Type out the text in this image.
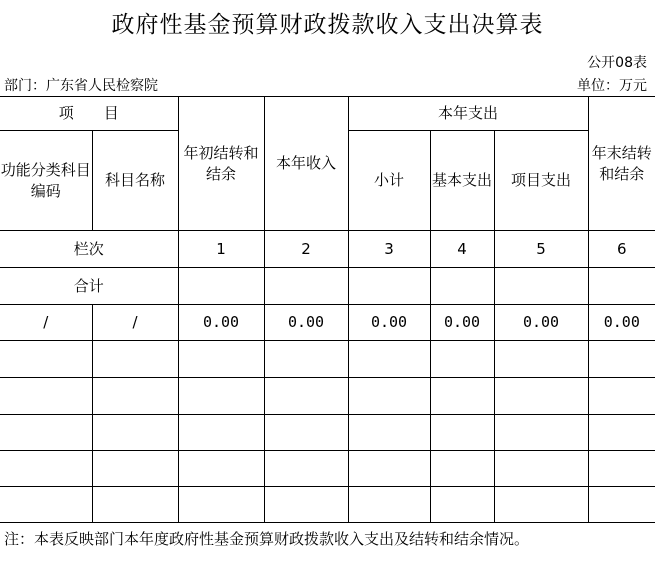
政府性基金预算财政拨款收入支出决算表
公开08表
部门：广东省人民检察院	单位：万元
项　　目		年初结转和结余	本年收入	本年支出			年末结转和结余
功能分类科目编码	科目名称			小计	基本支出	项目支出	
栏次		1	2	3	4	5	6
合计							
/	/	0.00	0.00	0.00	0.00	0.00	0.00

注：本表反映部门本年度政府性基金预算财政拨款收入支出及结转和结余情况。
